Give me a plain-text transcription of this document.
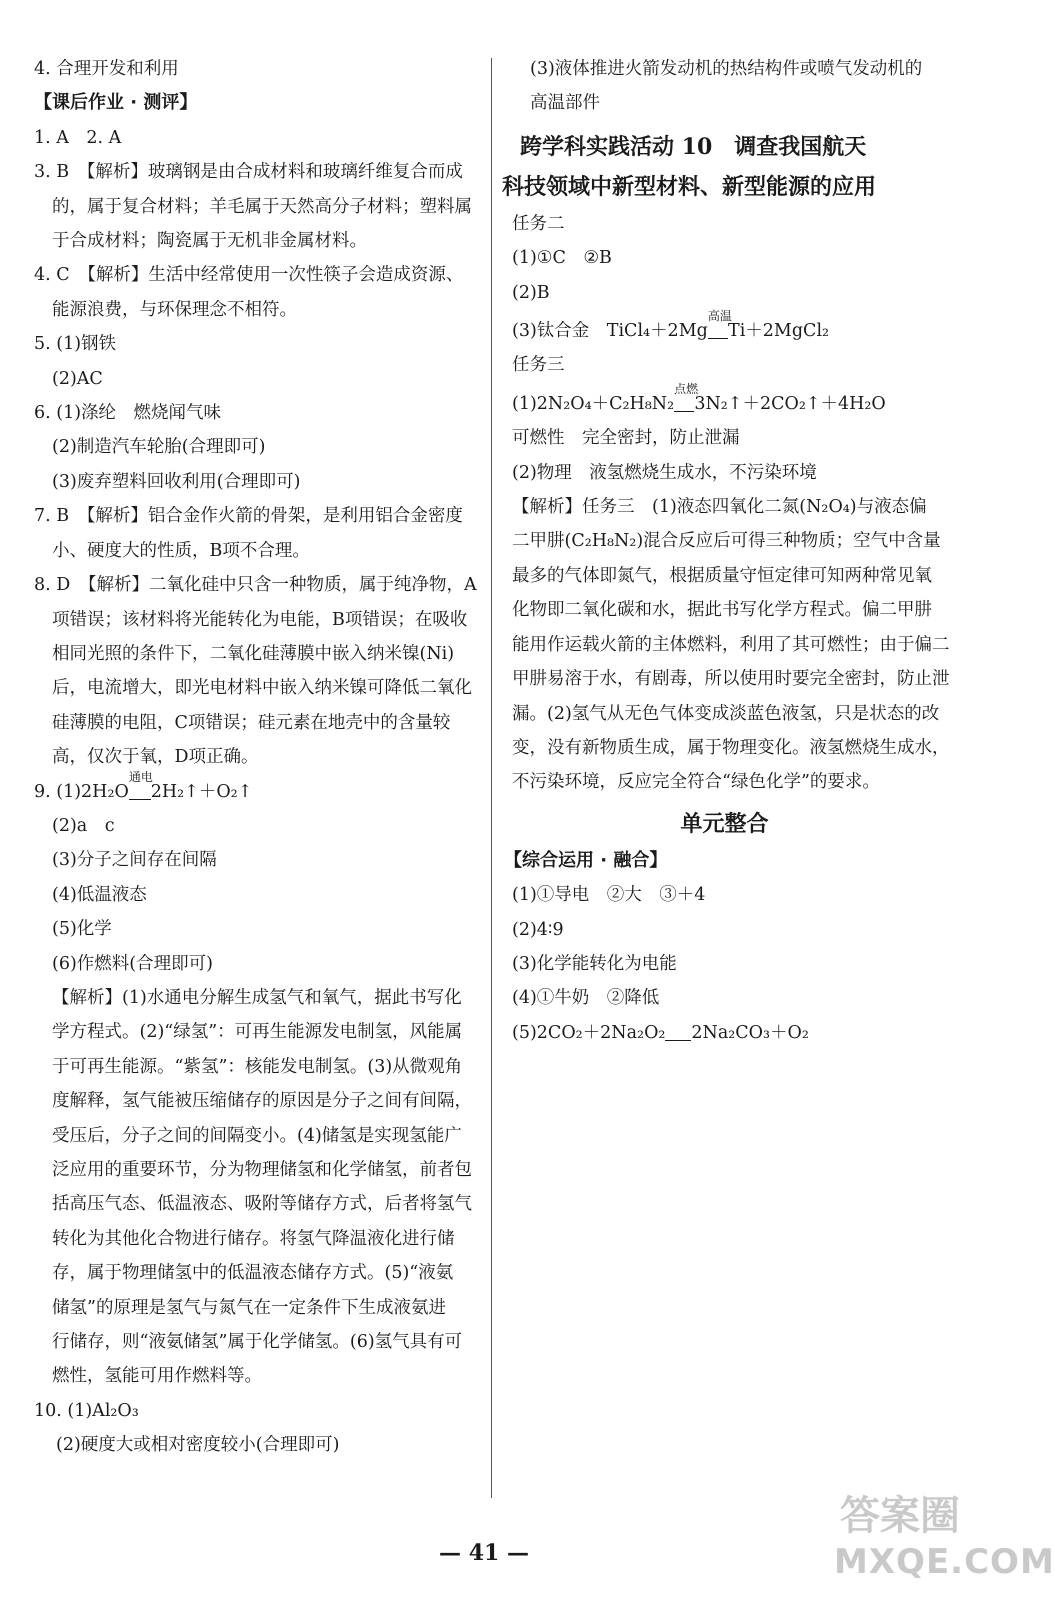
4. 合理开发和利用
【课后作业 · 测评】
1. A　2. A
3. B　【解析】玻璃钢是由合成材料和玻璃纤维复合而成
的，属于复合材料；羊毛属于天然高分子材料；塑料属
于合成材料；陶瓷属于无机非金属材料。
4. C　【解析】生活中经常使用一次性筷子会造成资源、
能源浪费，与环保理念不相符。
5. (1)钢铁
(2)AC
6. (1)涤纶　燃烧闻气味
(2)制造汽车轮胎(合理即可)
(3)废弃塑料回收利用(合理即可)
7. B　【解析】铝合金作火箭的骨架，是利用铝合金密度
小、硬度大的性质，B项不合理。
8. D　【解析】二氧化硅中只含一种物质，属于纯净物，A
项错误；该材料将光能转化为电能，B项错误；在吸收
相同光照的条件下，二氧化硅薄膜中嵌入纳米镍(Ni)
后，电流增大，即光电材料中嵌入纳米镍可降低二氧化
硅薄膜的电阻，C项错误；硅元素在地壳中的含量较
高，仅次于氧，D项正确。
9. (1)2H₂O
通电
        2H₂↑＋O₂↑
(2)a　c
(3)分子之间存在间隔
(4)低温液态
(5)化学
(6)作燃料(合理即可)
【解析】(1)水通电分解生成氢气和氧气，据此书写化
学方程式。(2)“绿氢”：可再生能源发电制氢，风能属
于可再生能源。“紫氢”：核能发电制氢。(3)从微观角
度解释，氢气能被压缩储存的原因是分子之间有间隔，
受压后，分子之间的间隔变小。(4)储氢是实现氢能广
泛应用的重要环节，分为物理储氢和化学储氢，前者包
括高压气态、低温液态、吸附等储存方式，后者将氢气
转化为其他化合物进行储存。将氢气降温液化进行储
存，属于物理储氢中的低温液态储存方式。(5)“液氨
储氢”的原理是氢气与氮气在一定条件下生成液氨进
行储存，则“液氨储氢”属于化学储氢。(6)氢气具有可
燃性，氢能可用作燃料等。
10. (1)Al₂O₃
(2)硬度大或相对密度较小(合理即可)
(3)液体推进火箭发动机的热结构件或喷气发动机的
高温部件
跨学科实践活动 10　调查我国航天
科技领域中新型材料、新型能源的应用
任务二
(1)①C　②B
(2)B
(3)钛合金　TiCl₄＋2Mg
高温
       Ti＋2MgCl₂
任务三
(1)2N₂O₄＋C₂H₈N₂
点燃
       3N₂↑＋2CO₂↑＋4H₂O
可燃性　完全密封，防止泄漏
(2)物理　液氢燃烧生成水，不污染环境
【解析】任务三　(1)液态四氧化二氮(N₂O₄)与液态偏
二甲肼(C₂H₈N₂)混合反应后可得三种物质；空气中含量
最多的气体即氮气，根据质量守恒定律可知两种常见氧
化物即二氧化碳和水，据此书写化学方程式。偏二甲肼
能用作运载火箭的主体燃料，利用了其可燃性；由于偏二
甲肼易溶于水，有剧毒，所以使用时要完全密封，防止泄
漏。(2)氢气从无色气体变成淡蓝色液氢，只是状态的改
变，没有新物质生成，属于物理变化。液氢燃烧生成水，
不污染环境，反应完全符合“绿色化学”的要求。
单元整合
【综合运用 · 融合】
(1)①导电　②大　③＋4
(2)4∶9
(3)化学能转化为电能
(4)①牛奶　②降低
(5)2CO₂＋2Na₂O₂         2Na₂CO₃＋O₂
— 41 —
答案圈
MXQE.COM
